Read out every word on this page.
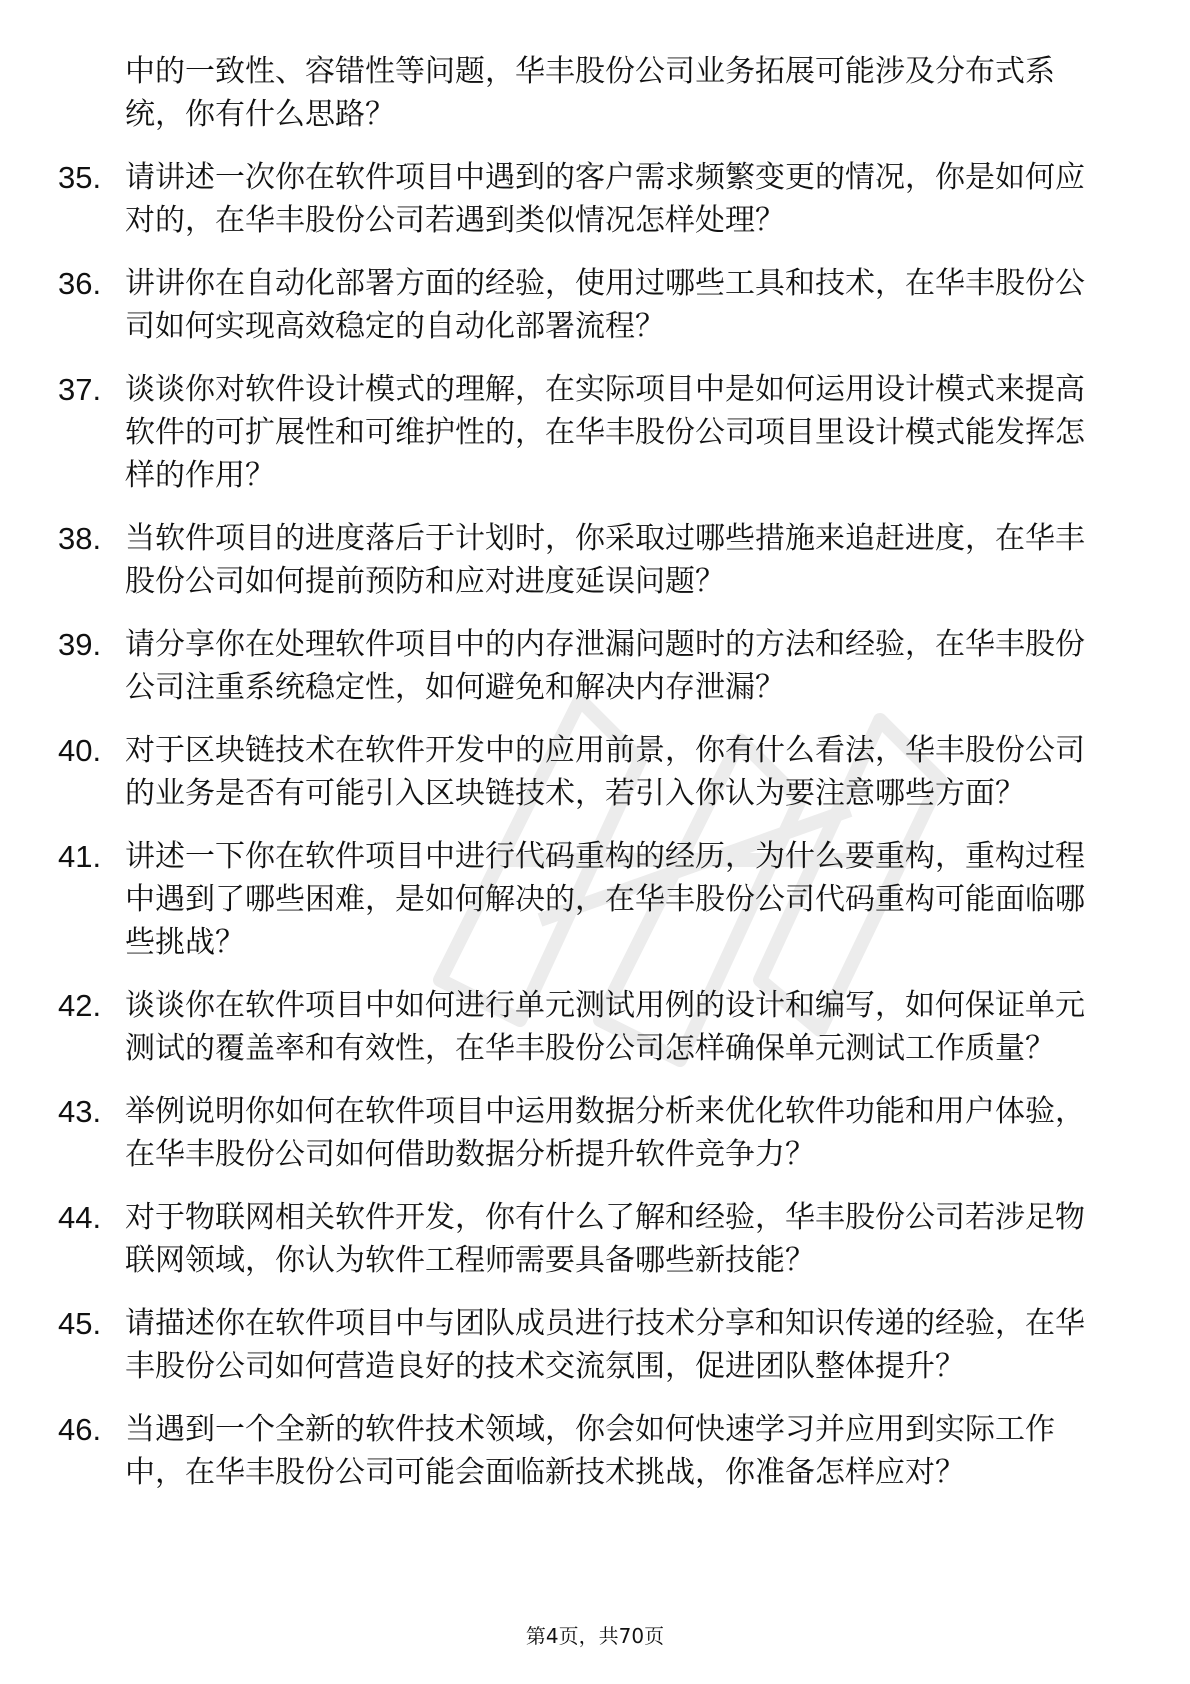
中的一致性、容错性等问题，华丰股份公司业务拓展可能涉及分布式系统，你有什么思路？
35. 请讲述一次你在软件项目中遇到的客户需求频繁变更的情况，你是如何应对的，在华丰股份公司若遇到类似情况怎样处理？
36. 讲讲你在自动化部署方面的经验，使用过哪些工具和技术，在华丰股份公司如何实现高效稳定的自动化部署流程？
37. 谈谈你对软件设计模式的理解，在实际项目中是如何运用设计模式来提高软件的可扩展性和可维护性的，在华丰股份公司项目里设计模式能发挥怎样的作用？
38. 当软件项目的进度落后于计划时，你采取过哪些措施来追赶进度，在华丰股份公司如何提前预防和应对进度延误问题？
39. 请分享你在处理软件项目中的内存泄漏问题时的方法和经验，在华丰股份公司注重系统稳定性，如何避免和解决内存泄漏？
40. 对于区块链技术在软件开发中的应用前景，你有什么看法，华丰股份公司的业务是否有可能引入区块链技术，若引入你认为要注意哪些方面？
41. 讲述一下你在软件项目中进行代码重构的经历，为什么要重构，重构过程中遇到了哪些困难，是如何解决的，在华丰股份公司代码重构可能面临哪些挑战？
42. 谈谈你在软件项目中如何进行单元测试用例的设计和编写，如何保证单元测试的覆盖率和有效性，在华丰股份公司怎样确保单元测试工作质量？
43. 举例说明你如何在软件项目中运用数据分析来优化软件功能和用户体验，在华丰股份公司如何借助数据分析提升软件竞争力？
44. 对于物联网相关软件开发，你有什么了解和经验，华丰股份公司若涉足物联网领域，你认为软件工程师需要具备哪些新技能？
45. 请描述你在软件项目中与团队成员进行技术分享和知识传递的经验，在华丰股份公司如何营造良好的技术交流氛围，促进团队整体提升？
46. 当遇到一个全新的软件技术领域，你会如何快速学习并应用到实际工作中，在华丰股份公司可能会面临新技术挑战，你准备怎样应对？
第4页，共70页
